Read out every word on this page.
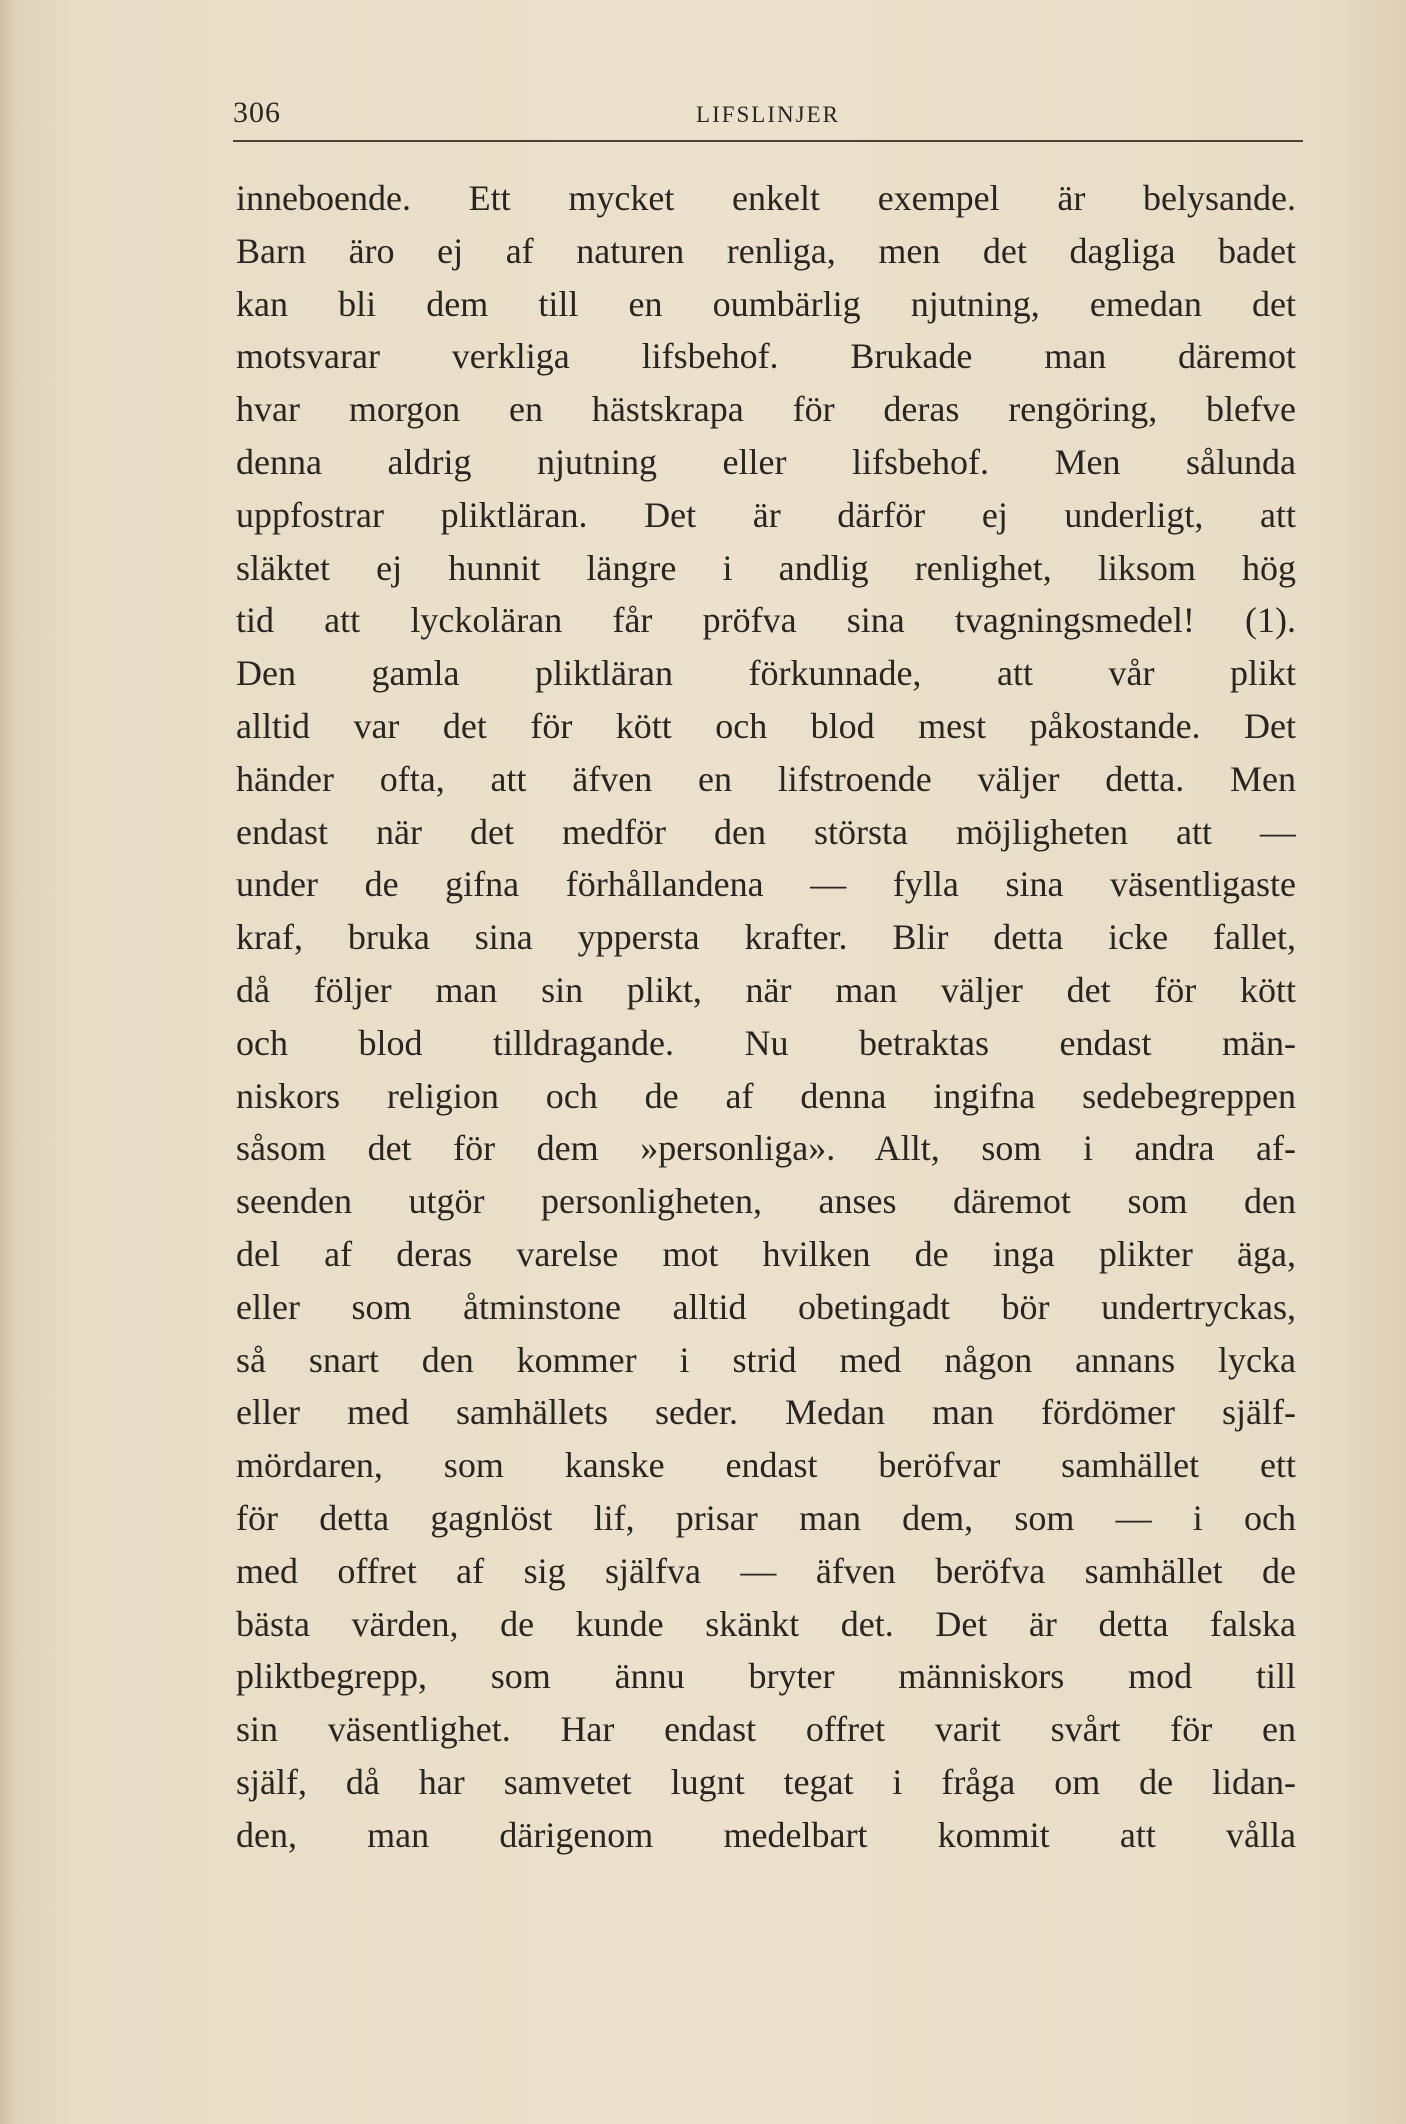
306	LIFSLINJER
inneboende. Ett mycket enkelt exempel är belysande.
Barn äro ej af naturen renliga, men det dagliga badet
kan bli dem till en oumbärlig njutning, emedan det
motsvarar verkliga lifsbehof. Brukade man däremot
hvar morgon en hästskrapa för deras rengöring, blefve
denna aldrig njutning eller lifsbehof. Men sålunda
uppfostrar pliktläran. Det är därför ej underligt, att
släktet ej hunnit längre i andlig renlighet, liksom hög
tid att lyckoläran får pröfva sina tvagningsmedel! (1).
Den gamla pliktläran förkunnade, att vår plikt
alltid var det för kött och blod mest påkostande. Det
händer ofta, att äfven en lifstroende väljer detta. Men
endast när det medför den största möjligheten att —
under de gifna förhållandena — fylla sina väsentligaste
kraf, bruka sina yppersta krafter. Blir detta icke fallet,
då följer man sin plikt, när man väljer det för kött
och blod tilldragande. Nu betraktas endast män-
niskors religion och de af denna ingifna sedebegreppen
såsom det för dem »personliga». Allt, som i andra af-
seenden utgör personligheten, anses däremot som den
del af deras varelse mot hvilken de inga plikter äga,
eller som åtminstone alltid obetingadt bör undertryckas,
så snart den kommer i strid med någon annans lycka
eller med samhällets seder. Medan man fördömer själf-
mördaren, som kanske endast beröfvar samhället ett
för detta gagnlöst lif, prisar man dem, som — i och
med offret af sig själfva — äfven beröfva samhället de
bästa värden, de kunde skänkt det. Det är detta falska
pliktbegrepp, som ännu bryter människors mod till
sin väsentlighet. Har endast offret varit svårt för en
själf, då har samvetet lugnt tegat i fråga om de lidan-
den, man därigenom medelbart kommit att vålla
